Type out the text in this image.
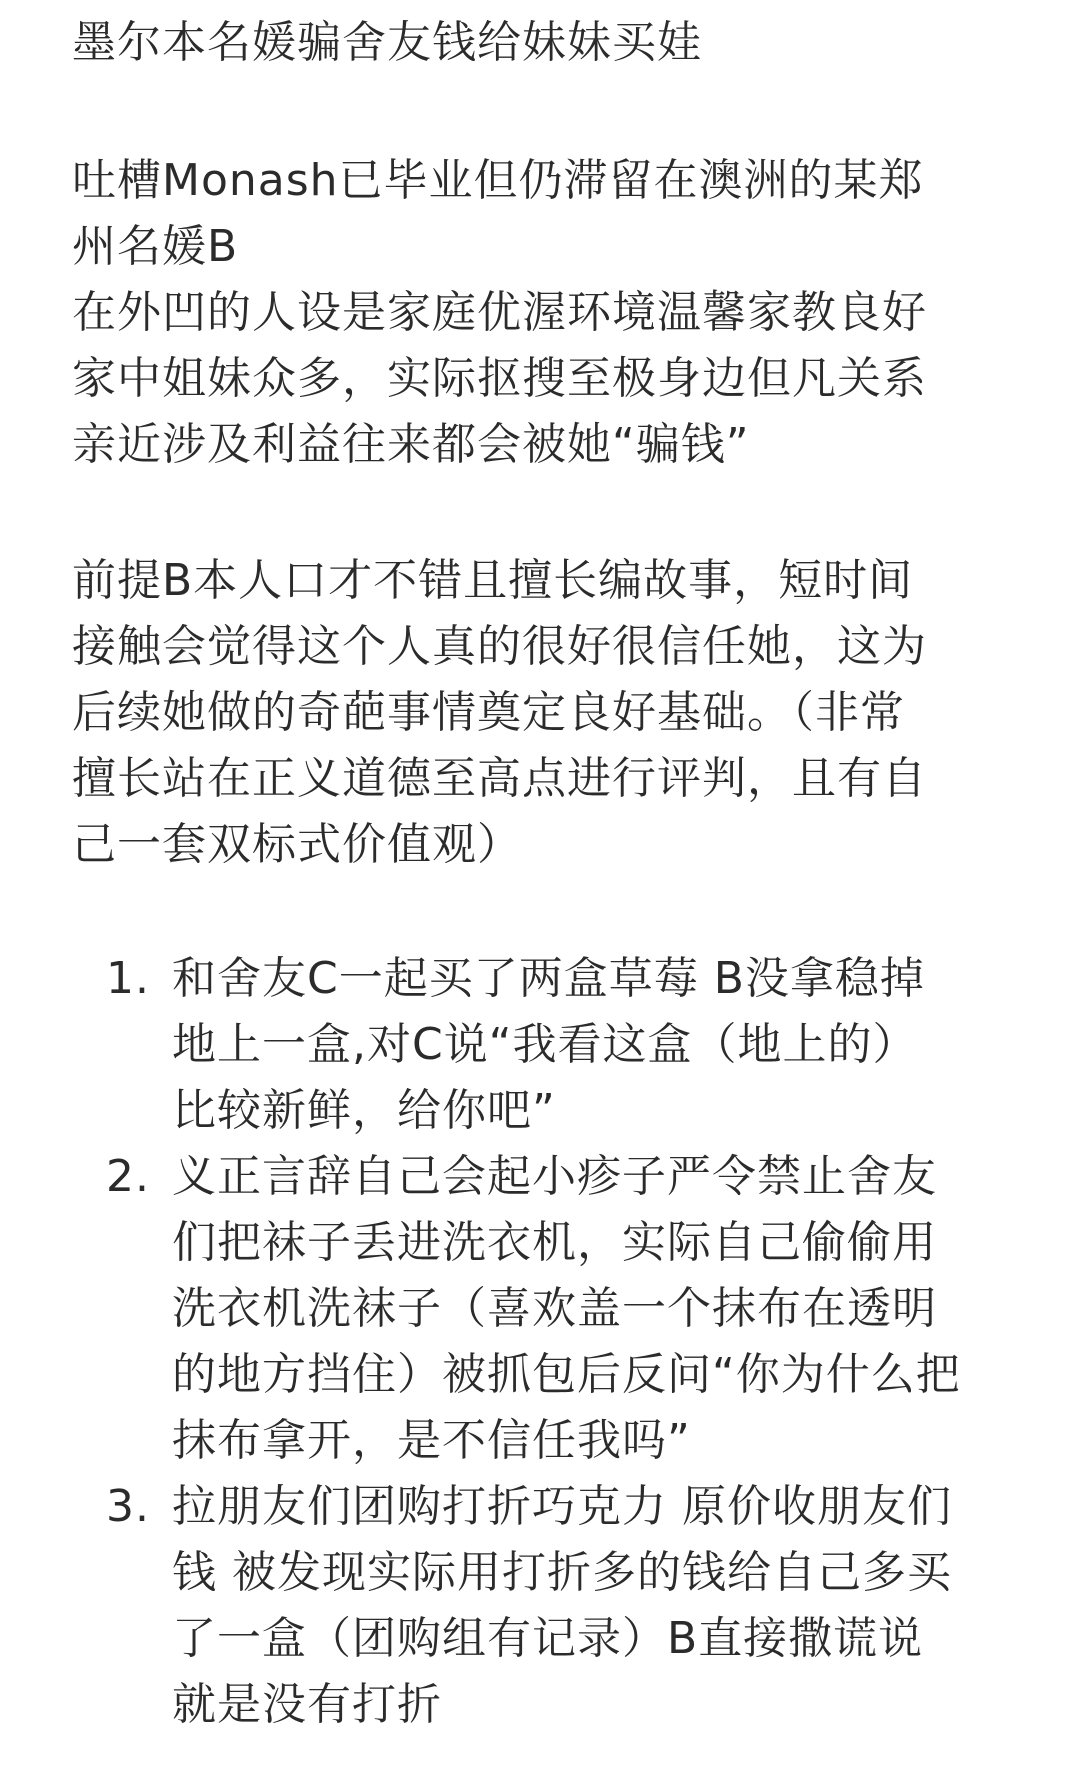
墨尔本名媛骗舍友钱给妹妹买娃

吐槽Monash已毕业但仍滞留在澳洲的某郑
州名媛B
在外凹的人设是家庭优渥环境温馨家教良好
家中姐妹众多，实际抠搜至极身边但凡关系
亲近涉及利益往来都会被她“骗钱”

前提B本人口才不错且擅长编故事，短时间
接触会觉得这个人真的很好很信任她，这为
后续她做的奇葩事情奠定良好基础。（非常
擅长站在正义道德至高点进行评判，且有自
己一套双标式价值观）

1. 和舍友C一起买了两盒草莓 B没拿稳掉
地上一盒,对C说“我看这盒（地上的）
比较新鲜，给你吧”
2. 义正言辞自己会起小疹子严令禁止舍友
们把袜子丢进洗衣机，实际自己偷偷用
洗衣机洗袜子（喜欢盖一个抹布在透明
的地方挡住）被抓包后反问“你为什么把
抹布拿开，是不信任我吗”
3. 拉朋友们团购打折巧克力 原价收朋友们
钱 被发现实际用打折多的钱给自己多买
了一盒（团购组有记录）B直接撒谎说
就是没有打折
